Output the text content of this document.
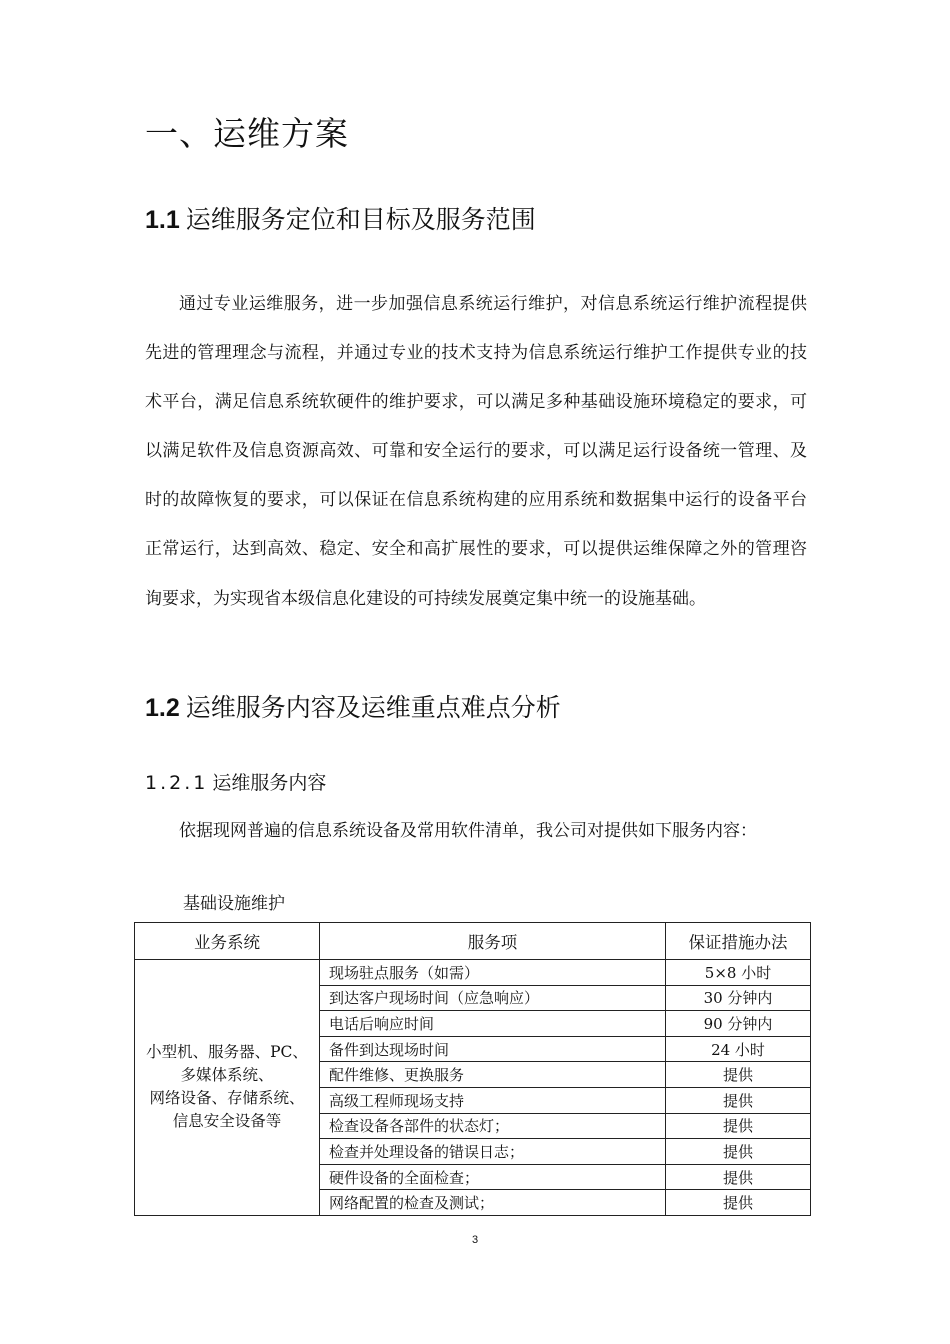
一、运维方案
1.1 运维服务定位和目标及服务范围

通过专业运维服务，进一步加强信息系统运行维护，对信息系统运行维护流程提供先进的管理理念与流程，并通过专业的技术支持为信息系统运行维护工作提供专业的技术平台，满足信息系统软硬件的维护要求，可以满足多种基础设施环境稳定的要求，可以满足软件及信息资源高效、可靠和安全运行的要求，可以满足运行设备统一管理、及时的故障恢复的要求，可以保证在信息系统构建的应用系统和数据集中运行的设备平台正常运行，达到高效、稳定、安全和高扩展性的要求，可以提供运维保障之外的管理咨询要求，为实现省本级信息化建设的可持续发展奠定集中统一的设施基础。

1.2 运维服务内容及运维重点难点分析
1.2.1 运维服务内容

依据现网普遍的信息系统设备及常用软件清单，我公司对提供如下服务内容：

基础设施维护

业务系统	服务项	保证措施办法

小型机、服务器、PC、
多媒体系统、
网络设备、存储系统、
信息安全设备等	现场驻点服务（如需）	5×8 小时
	到达客户现场时间（应急响应）	30 分钟内
	电话后响应时间	90 分钟内
	备件到达现场时间	24 小时
	配件维修、更换服务	提供
	高级工程师现场支持	提供
	检查设备各部件的状态灯；	提供
	检查并处理设备的错误日志；	提供
	硬件设备的全面检查；	提供
	网络配置的检查及测试；	提供
3
